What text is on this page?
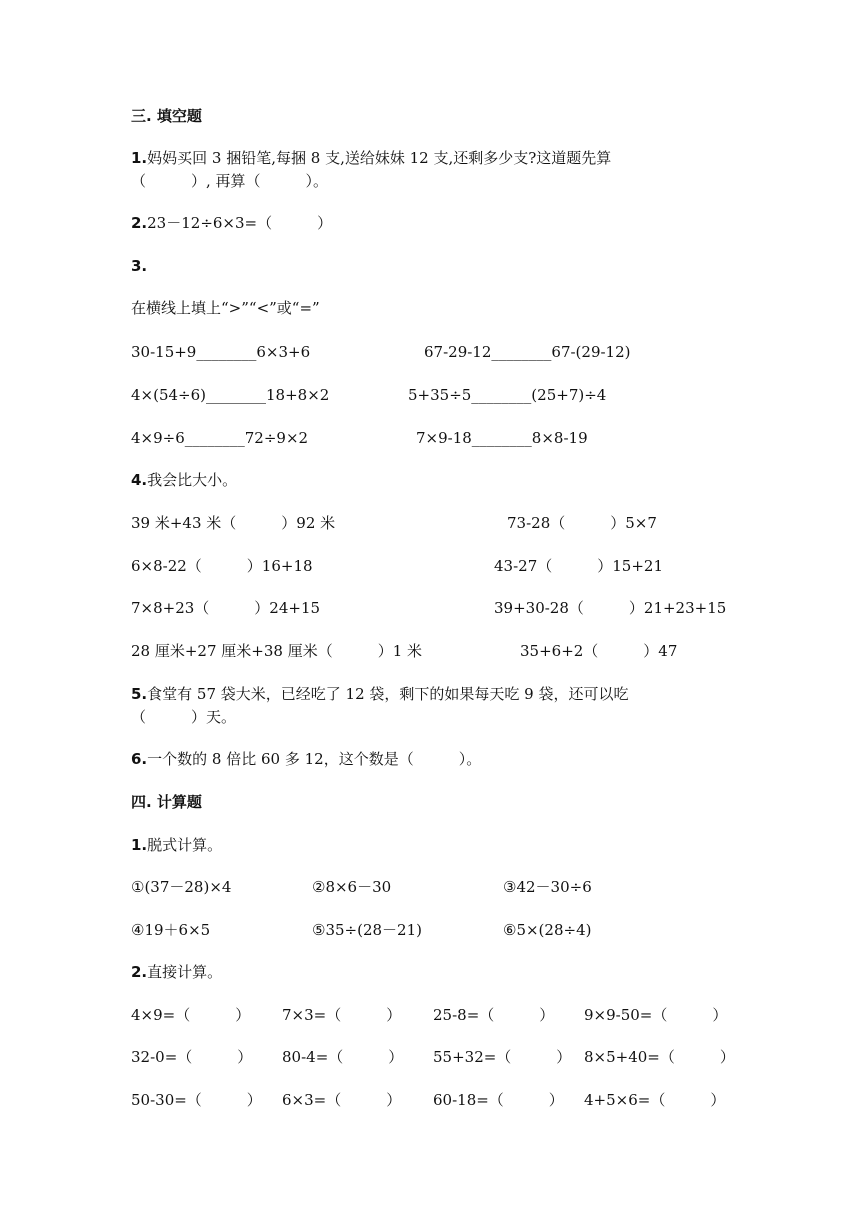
三. 填空题
1.妈妈买回 3 捆铅笔,每捆 8 支,送给妹妹 12 支,还剩多少支?这道题先算
（　　　）, 再算（　　　）。
2.23－12÷6×3=（　　　）
3.
在横线上填上“>”“<”或“=”
30-15+9________6×3+6	67-29-12________67-(29-12)
4×(54÷6)________18+8×2	5+35÷5________(25+7)÷4
4×9÷6________72÷9×2	7×9-18________8×8-19
4.我会比大小。
39 米+43 米（　　　）92 米	73-28（　　　）5×7
6×8-22（　　　）16+18	43-27（　　　）15+21
7×8+23（　　　）24+15	39+30-28（　　　）21+23+15
28 厘米+27 厘米+38 厘米（　　　）1 米	35+6+2（　　　）47
5.食堂有 57 袋大米，已经吃了 12 袋，剩下的如果每天吃 9 袋，还可以吃
（　　　）天。
6.一个数的 8 倍比 60 多 12，这个数是（　　　）。
四. 计算题
1.脱式计算。
①(37－28)×4	②8×6－30	③42－30÷6
④19＋6×5	⑤35÷(28－21)	⑥5×(28÷4)
2.直接计算。
4×9=（　　　） 7×3=（　　　） 25-8=（　　　） 9×9-50=（　　　）
32-0=（　　　） 80-4=（　　　） 55+32=（　　　） 8×5+40=（　　　）
50-30=（　　　） 6×3=（　　　） 60-18=（　　　） 4+5×6=（　　　）
